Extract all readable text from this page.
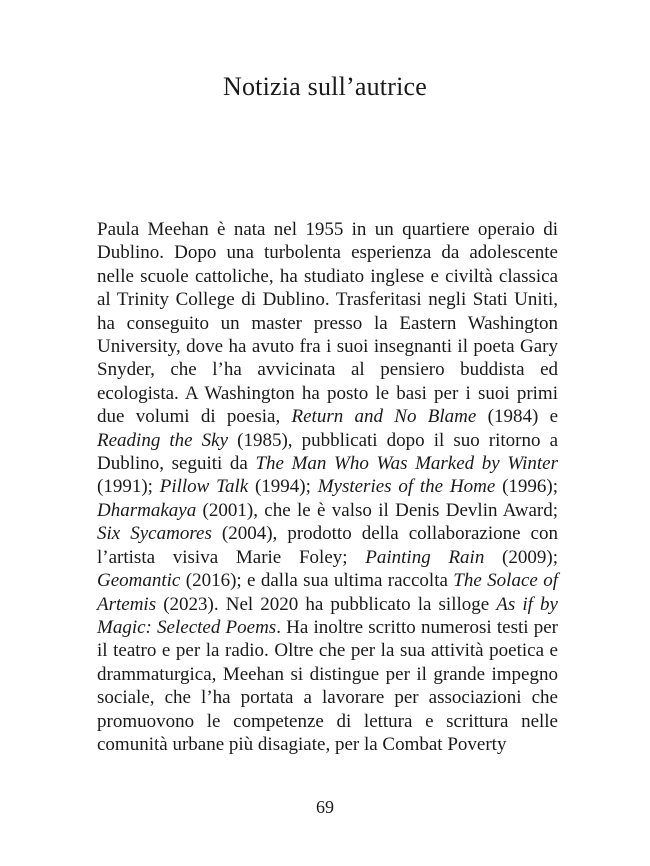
Notizia sull’autrice

Paula Meehan è nata nel 1955 in un quartiere operaio di Dublino. Dopo una turbolenta esperienza da adolescente nelle scuole cattoliche, ha studiato inglese e civiltà classica al Trinity College di Dublino. Trasferitasi negli Stati Uniti, ha conseguito un master presso la Eastern Washington University, dove ha avuto fra i suoi insegnanti il poeta Gary Snyder, che l’ha avvicinata al pensiero buddista ed ecologista. A Washington ha posto le basi per i suoi primi due volumi di poesia, Return and No Blame (1984) e Reading the Sky (1985), pubblicati dopo il suo ritorno a Dublino, seguiti da The Man Who Was Marked by Winter (1991); Pillow Talk (1994); Mysteries of the Home (1996); Dharmakaya (2001), che le è valso il Denis Devlin Award; Six Sycamores (2004), prodotto della collaborazione con l’artista visiva Marie Foley; Painting Rain (2009); Geomantic (2016); e dalla sua ultima raccolta The Solace of Artemis (2023). Nel 2020 ha pubblicato la silloge As if by Magic: Selected Poems. Ha inoltre scritto numerosi testi per il teatro e per la radio. Oltre che per la sua attività poetica e drammaturgica, Meehan si distingue per il grande impegno sociale, che l’ha portata a lavorare per associazioni che promuovono le competenze di lettura e scrittura nelle comunità urbane più disagiate, per la Combat Poverty

69
